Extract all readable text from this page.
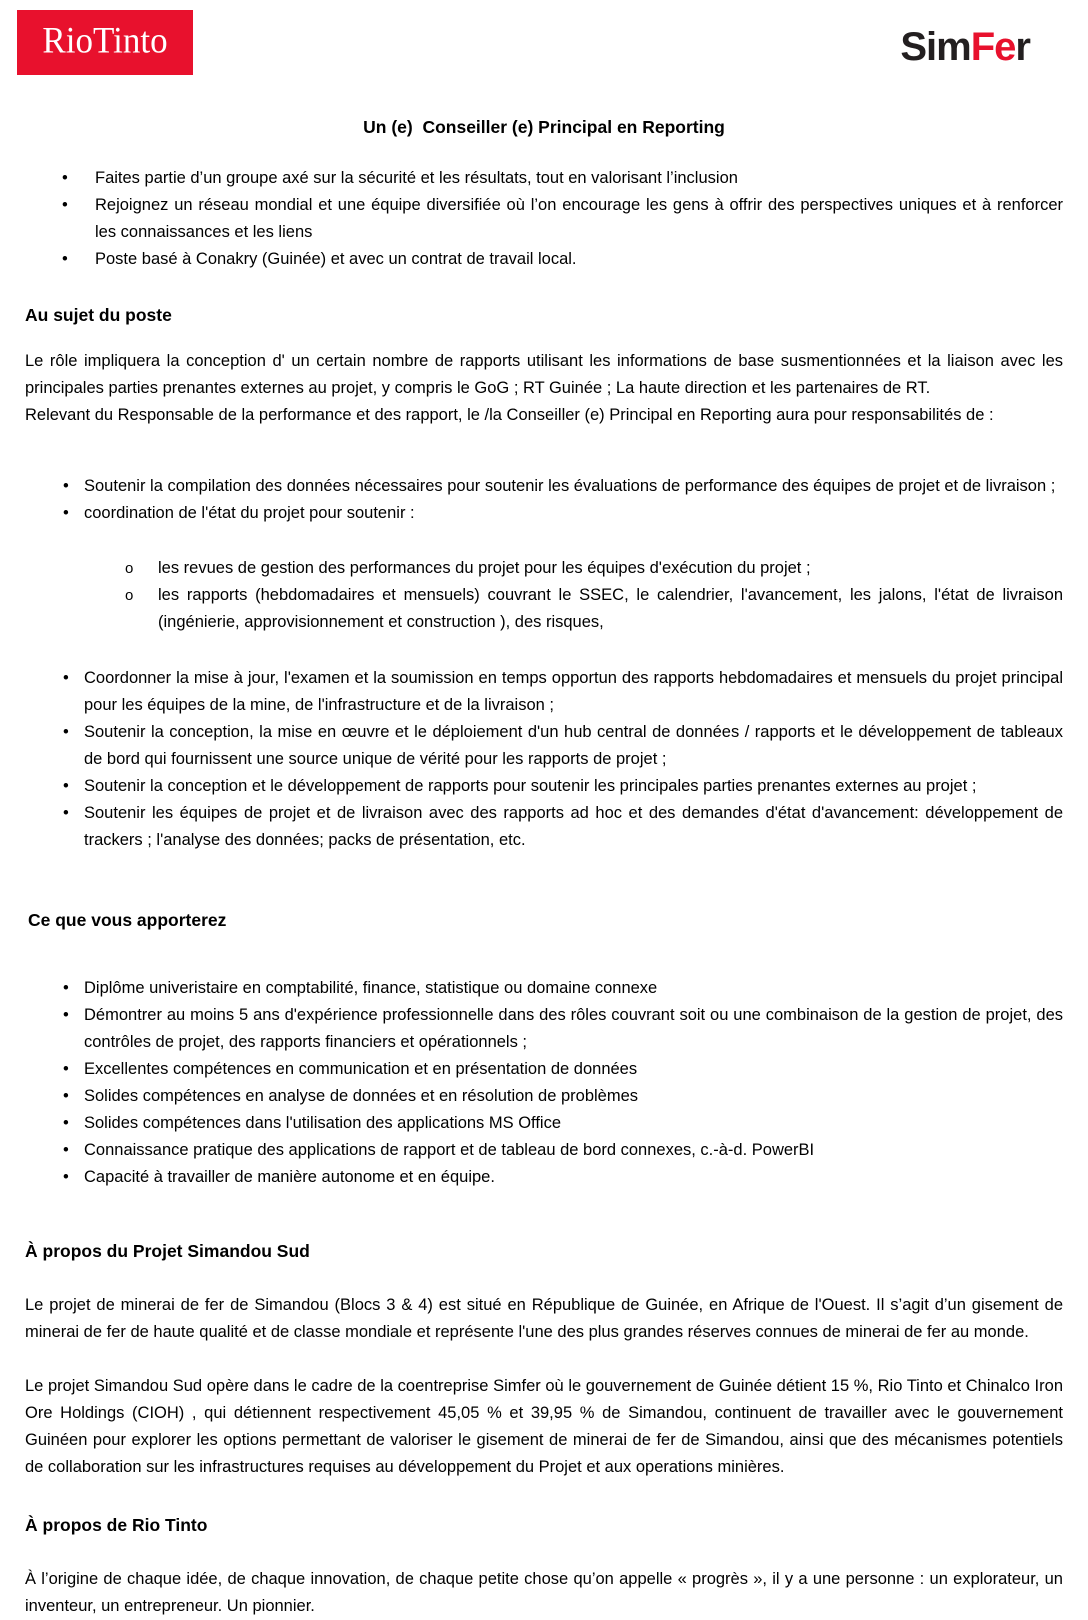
RioTinto	SimFer
Un (e)  Conseiller (e) Principal en Reporting
• Faites partie d’un groupe axé sur la sécurité et les résultats, tout en valorisant l’inclusion
• Rejoignez un réseau mondial et une équipe diversifiée où l’on encourage les gens à offrir des perspectives uniques et à renforcer les connaissances et les liens
• Poste basé à Conakry (Guinée) et avec un contrat de travail local.
Au sujet du poste

Le rôle impliquera la conception d' un certain nombre de rapports utilisant les informations de base susmentionnées et la liaison avec les principales parties prenantes externes au projet, y compris le GoG ; RT Guinée ; La haute direction et les partenaires de RT.

Relevant du Responsable de la performance et des rapport, le /la Conseiller (e) Principal en Reporting aura pour responsabilités de :

• Soutenir la compilation des données nécessaires pour soutenir les évaluations de performance des équipes de projet et de livraison ;
• coordination de l'état du projet pour soutenir :
o les revues de gestion des performances du projet pour les équipes d'exécution du projet ;
o les rapports (hebdomadaires et mensuels) couvrant le SSEC, le calendrier, l'avancement, les jalons, l'état de livraison (ingénierie, approvisionnement et construction ), des risques,
• Coordonner la mise à jour, l'examen et la soumission en temps opportun des rapports hebdomadaires et mensuels du projet principal pour les équipes de la mine, de l'infrastructure et de la livraison ;
• Soutenir la conception, la mise en œuvre et le déploiement d'un hub central de données / rapports et le développement de tableaux de bord qui fournissent une source unique de vérité pour les rapports de projet ;
• Soutenir la conception et le développement de rapports pour soutenir les principales parties prenantes externes au projet ;
• Soutenir les équipes de projet et de livraison avec des rapports ad hoc et des demandes d'état d'avancement: développement de trackers ; l'analyse des données; packs de présentation, etc.
Ce que vous apporterez
• Diplôme univeristaire en comptabilité, finance, statistique ou domaine connexe
• Démontrer au moins 5 ans d'expérience professionnelle dans des rôles couvrant soit ou une combinaison de la gestion de projet, des contrôles de projet, des rapports financiers et opérationnels ;
• Excellentes compétences en communication et en présentation de données
• Solides compétences en analyse de données et en résolution de problèmes
• Solides compétences dans l'utilisation des applications MS Office
• Connaissance pratique des applications de rapport et de tableau de bord connexes, c.-à-d. PowerBI
• Capacité à travailler de manière autonome et en équipe.
À propos du Projet Simandou Sud

Le projet de minerai de fer de Simandou (Blocs 3 & 4) est situé en République de Guinée, en Afrique de l'Ouest. Il s’agit d’un gisement de minerai de fer de haute qualité et de classe mondiale et représente l'une des plus grandes réserves connues de minerai de fer au monde.

Le projet Simandou Sud opère dans le cadre de la coentreprise Simfer où le gouvernement de Guinée détient 15 %, Rio Tinto et Chinalco Iron Ore Holdings (CIOH) , qui détiennent respectivement 45,05 % et 39,95 % de Simandou, continuent de travailler avec le gouvernement Guinéen pour explorer les options permettant de valoriser le gisement de minerai de fer de Simandou, ainsi que des mécanismes potentiels de collaboration sur les infrastructures requises au développement du Projet et aux operations minières.

À propos de Rio Tinto

À l’origine de chaque idée, de chaque innovation, de chaque petite chose qu’on appelle « progrès », il y a une personne : un explorateur, un inventeur, un entrepreneur. Un pionnier.
